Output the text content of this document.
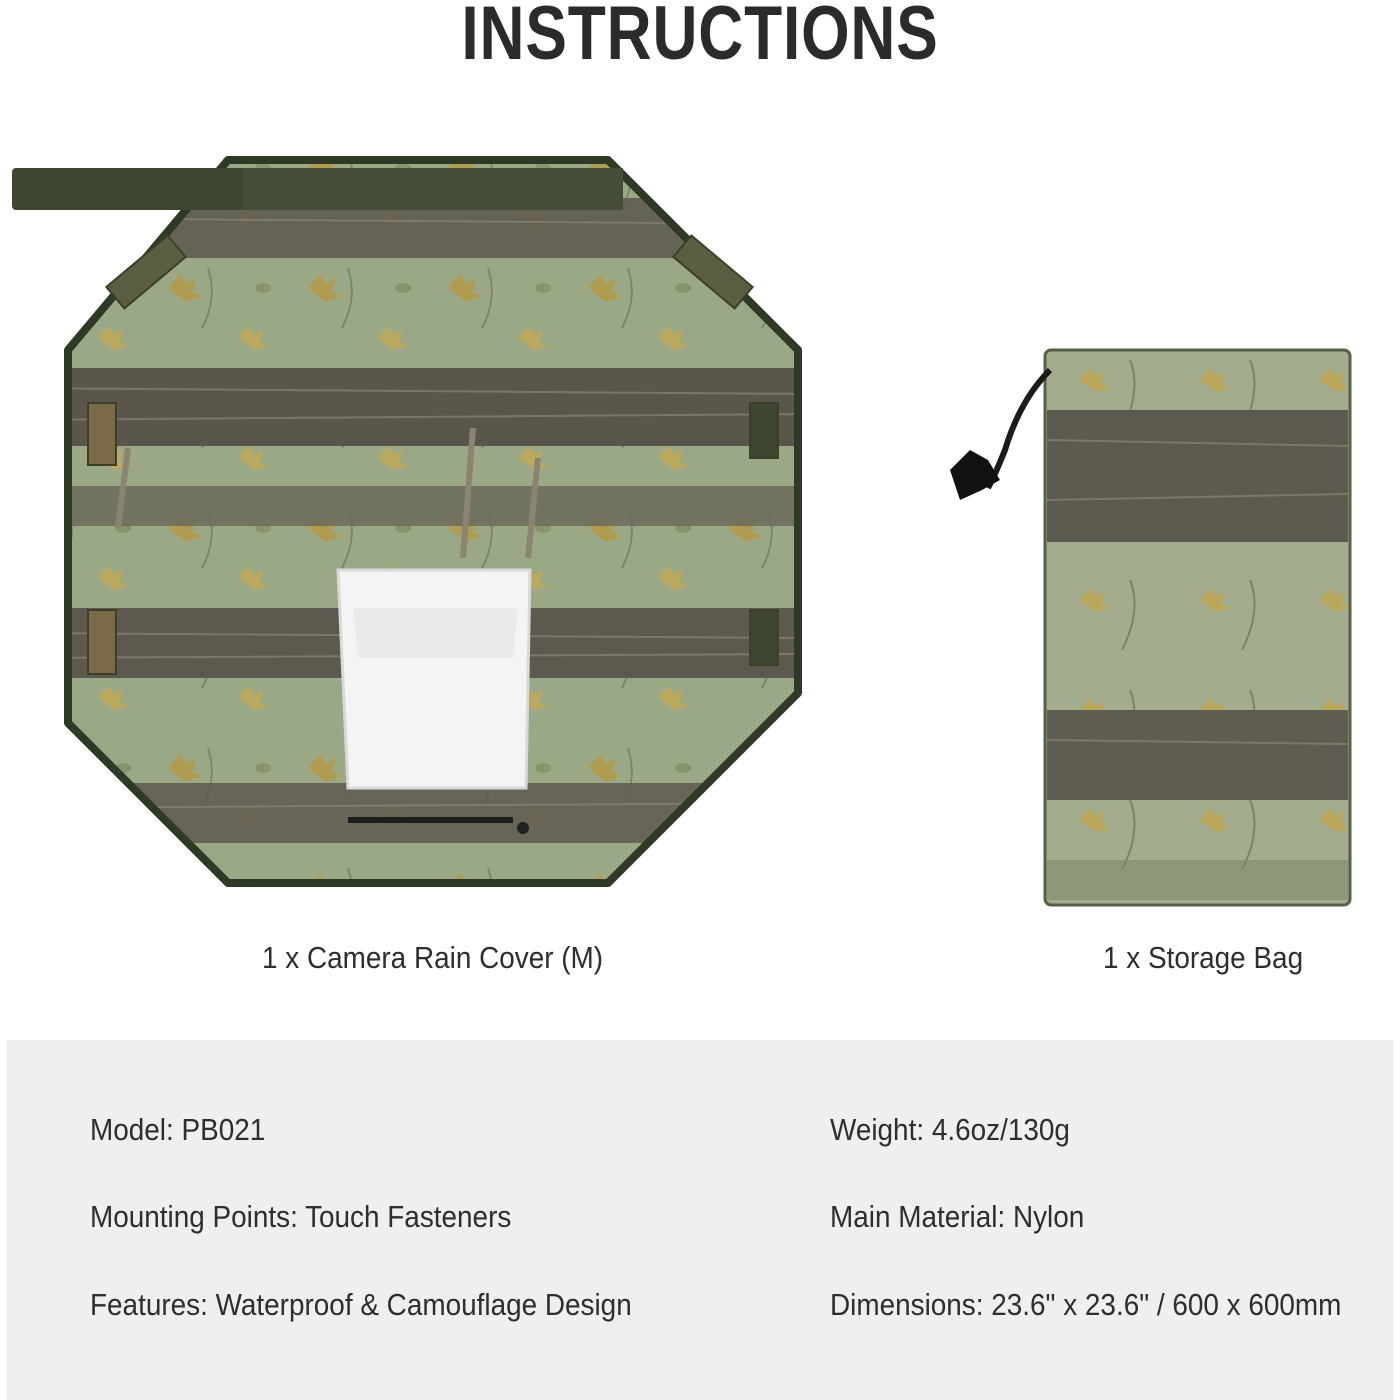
INSTRUCTIONS
1 x Camera Rain Cover (M)	1 x Storage Bag
Model: PB021
Mounting Points: Touch Fasteners
Features: Waterproof & Camouflage Design
Weight: 4.6oz/130g
Main Material: Nylon
Dimensions: 23.6" x 23.6" / 600 x 600mm
